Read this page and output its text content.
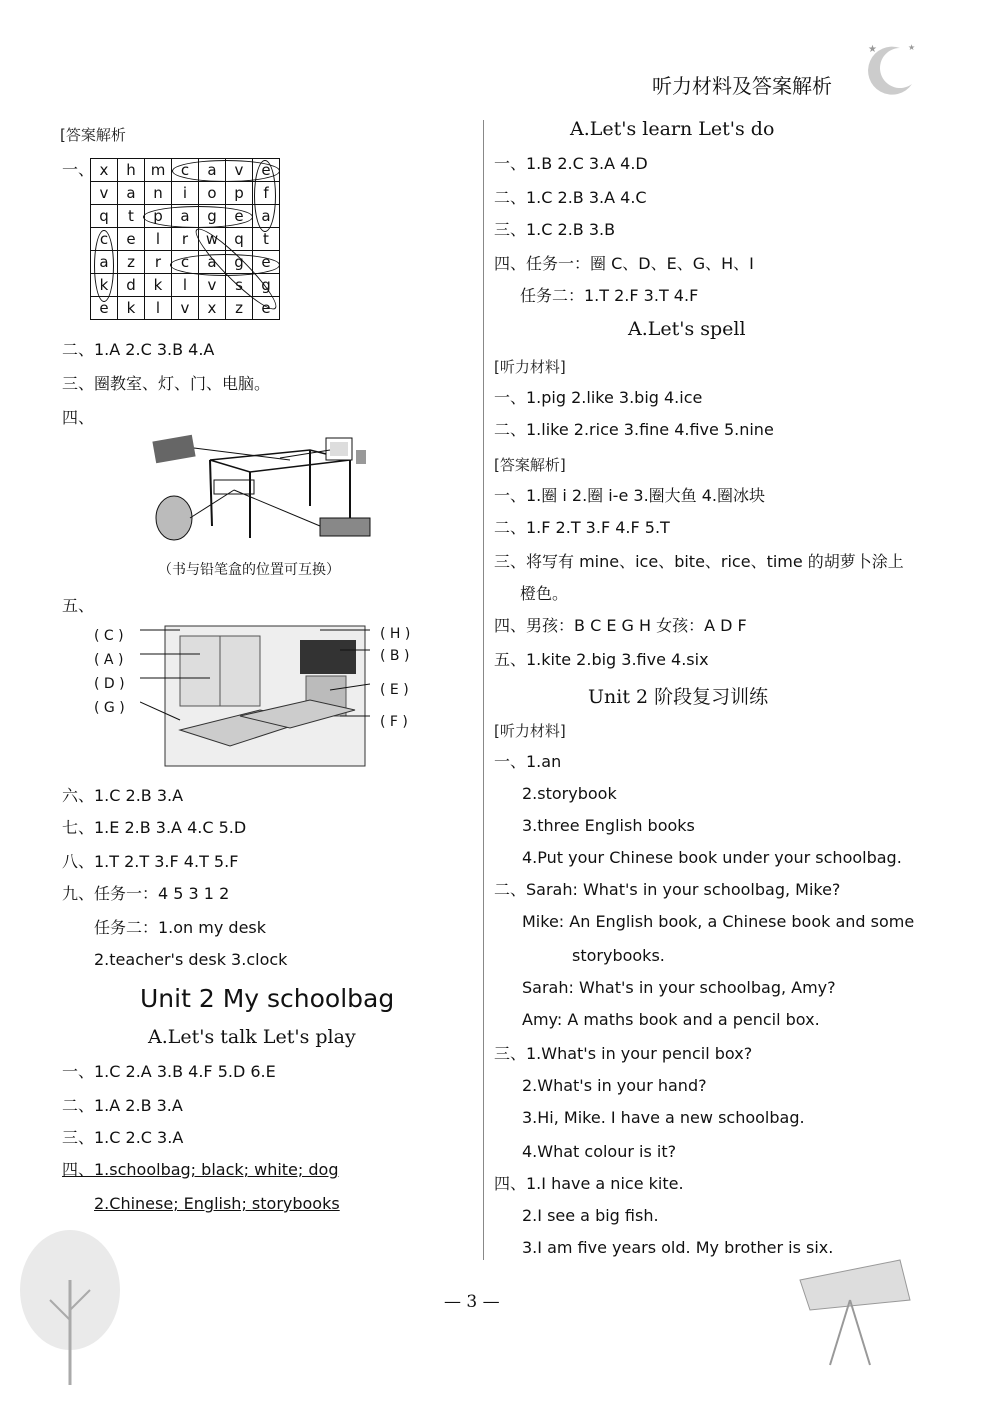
听力材料及答案解析
★	★
[答案解析
一、 x	h	m	c	a	v	e
v	a	n	i	o	p	f
q	t	p	a	g	e	a
c	e	l	r	w	q	t
a	z	r	c	a	g	e
k	d	k	l	v	s	g
e	k	l	v	x	z	e
二、1.A 2.C 3.B 4.A
三、圈教室、灯、门、电脑。
四、
（书与铅笔盒的位置可互换）
五、
( C )
( A )
( D )
( G )
( H )
( B )
( E )
( F )
六、1.C 2.B 3.A
七、1.E 2.B 3.A 4.C 5.D
八、1.T 2.T 3.F 4.T 5.F
九、任务一：4 5 3 1 2
任务二：1.on my desk
2.teacher's desk 3.clock
Unit 2 My schoolbag
A.Let's talk Let's play
一、1.C 2.A 3.B 4.F 5.D 6.E
二、1.A 2.B 3.A
三、1.C 2.C 3.A
四、1.schoolbag; black; white; dog
2.Chinese; English; storybooks
A.Let's learn Let's do
一、1.B 2.C 3.A 4.D
二、1.C 2.B 3.A 4.C
三、1.C 2.B 3.B
四、任务一：圈 C、D、E、G、H、I
任务二：1.T 2.F 3.T 4.F
A.Let's spell
[听力材料]
一、1.pig 2.like 3.big 4.ice
二、1.like 2.rice 3.fine 4.five 5.nine
[答案解析]
一、1.圈 i 2.圈 i-e 3.圈大鱼 4.圈冰块
二、1.F 2.T 3.F 4.F 5.T
三、将写有 mine、ice、bite、rice、time 的胡萝卜涂上
橙色。
四、男孩：B C E G H 女孩：A D F
五、1.kite 2.big 3.five 4.six
Unit 2 阶段复习训练
[听力材料]
一、1.an
2.storybook
3.three English books
4.Put your Chinese book under your schoolbag.
二、Sarah: What's in your schoolbag, Mike?
Mike: An English book, a Chinese book and some
storybooks.
Sarah: What's in your schoolbag, Amy?
Amy: A maths book and a pencil box.
三、1.What's in your pencil box?
2.What's in your hand?
3.Hi, Mike. I have a new schoolbag.
4.What colour is it?
四、1.I have a nice kite.
2.I see a big fish.
3.I am five years old. My brother is six.
— 3 —
